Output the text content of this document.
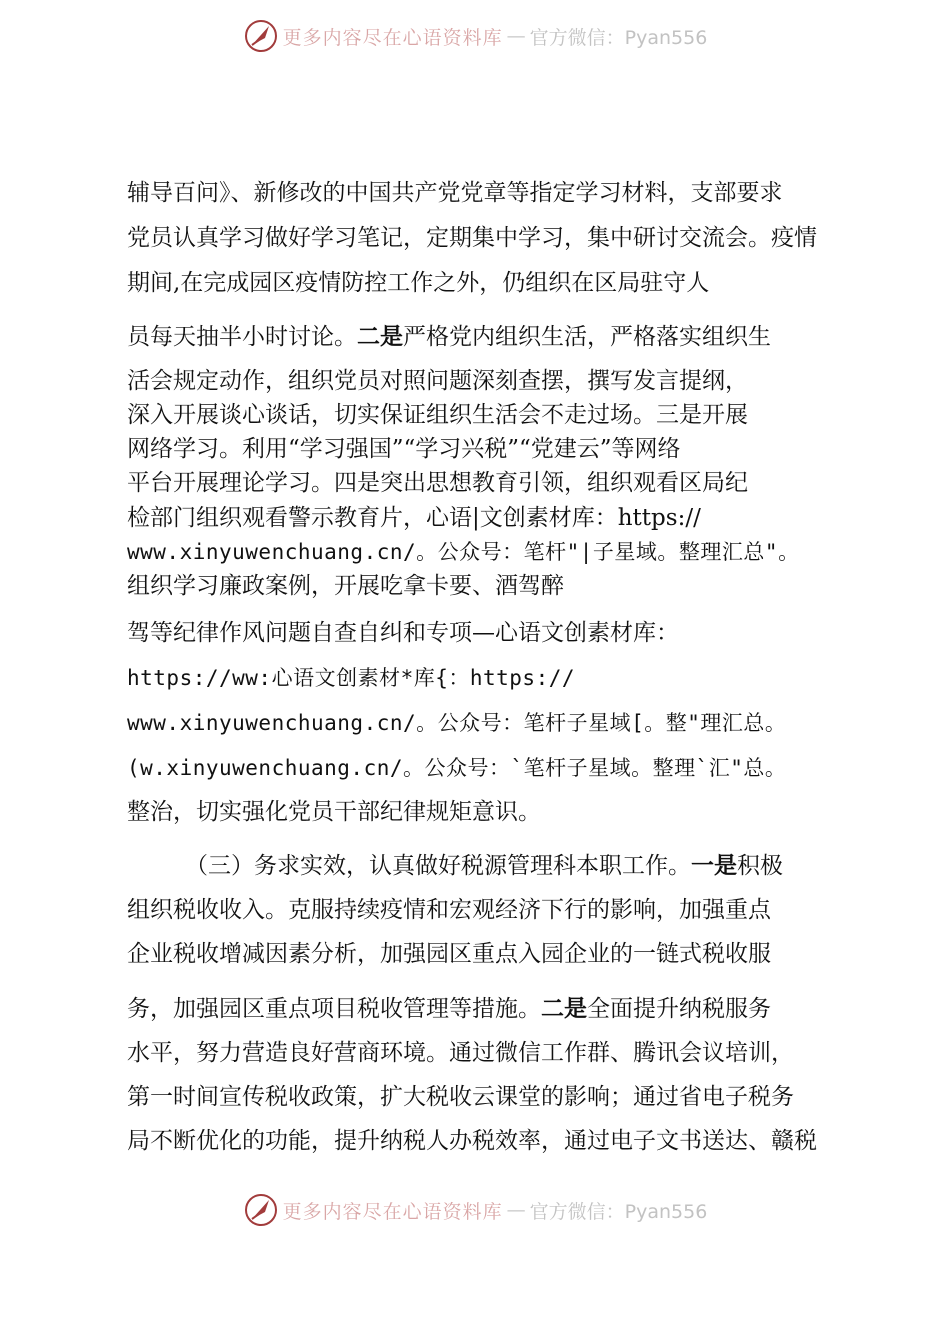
更多内容尽在心语资料库 — 官方微信：Pyan556
辅导百问》、新修改的中国共产党党章等指定学习材料，支部要求
党员认真学习做好学习笔记，定期集中学习，集中研讨交流会。疫情
期间,在完成园区疫情防控工作之外，仍组织在区局驻守人
员每天抽半小时讨论。二是严格党内组织生活，严格落实组织生
活会规定动作，组织党员对照问题深刻查摆，撰写发言提纲，
深入开展谈心谈话，切实保证组织生活会不走过场。三是开展
网络学习。利用“学习强国”“学习兴税”“党建云”等网络
平台开展理论学习。四是突出思想教育引领，组织观看区局纪
检部门组织观看警示教育片，心语|文创素材库：https://
www.xinyuwenchuang.cn/。公众号：笔杆"|子星域。整理汇总"。
组织学习廉政案例，开展吃拿卡要、酒驾醉
驾等纪律作风问题自查自纠和专项—心语文创素材库：
https://ww:心语文创素材*库{：https://
www.xinyuwenchuang.cn/。公众号：笔杆子星域[。整"理汇总。
(w.xinyuwenchuang.cn/。公众号：`笔杆子星域。整理`汇"总。
整治，切实强化党员干部纪律规矩意识。
（三）务求实效，认真做好税源管理科本职工作。一是积极
组织税收收入。克服持续疫情和宏观经济下行的影响，加强重点
企业税收增减因素分析，加强园区重点入园企业的一链式税收服
务，加强园区重点项目税收管理等措施。二是全面提升纳税服务
水平，努力营造良好营商环境。通过微信工作群、腾讯会议培训，
第一时间宣传税收政策，扩大税收云课堂的影响；通过省电子税务
局不断优化的功能，提升纳税人办税效率，通过电子文书送达、赣税
更多内容尽在心语资料库 — 官方微信：Pyan556
